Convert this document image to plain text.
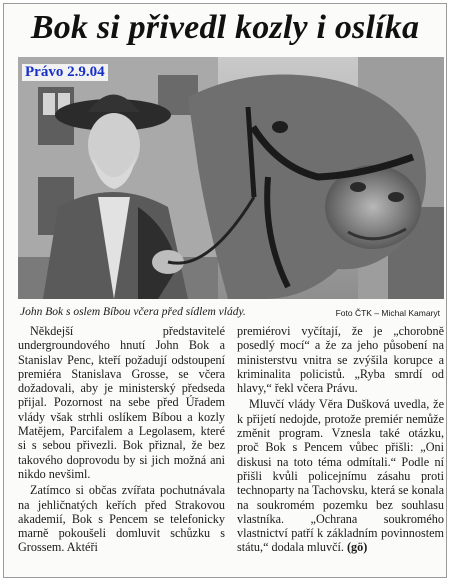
Bok si přivedl kozly i oslíka
Právo 2.9.04
John Bok s oslem Bíbou včera před sídlem vlády.	Foto ČTK – Michal Kamaryt

Někdejší představitelé undergroundového hnutí John Bok a Stanislav Penc, kteří požadují odstoupení premiéra Stanislava Grosse, se včera dožadovali, aby je ministerský předseda přijal. Pozornost na sebe před Úřadem vlády však strhli oslíkem Bíbou a kozly Matějem, Parcifalem a Legolasem, které si s sebou přivezli. Bok přiznal, že bez takového doprovodu by si jich možná ani nikdo nevšiml.

Zatímco si občas zvířata pochutnávala na jehličnatých keřích před Strakovou akademií, Bok s Pencem se telefonicky marně pokoušeli domluvit schůzku s Grossem. Aktéři

premiérovi vyčítají, že je „chorobně posedlý mocí“ a že za jeho působení na ministerstvu vnitra se zvýšila korupce a kriminalita policistů. „Ryba smrdí od hlavy,“ řekl včera Právu.

Mluvčí vlády Věra Dušková uvedla, že k přijetí nedojde, protože premiér nemůže změnit program. Vznesla také otázku, proč Bok s Pencem vůbec přišli: „Oni diskusi na toto téma odmítali.“ Podle ní přišli kvůli policejnímu zásahu proti technoparty na Tachovsku, která se konala na soukromém pozemku bez souhlasu vlastníka. „Ochrana soukromého vlastnictví patří k základním povinnostem státu,“ dodala mluvčí. (gö)
